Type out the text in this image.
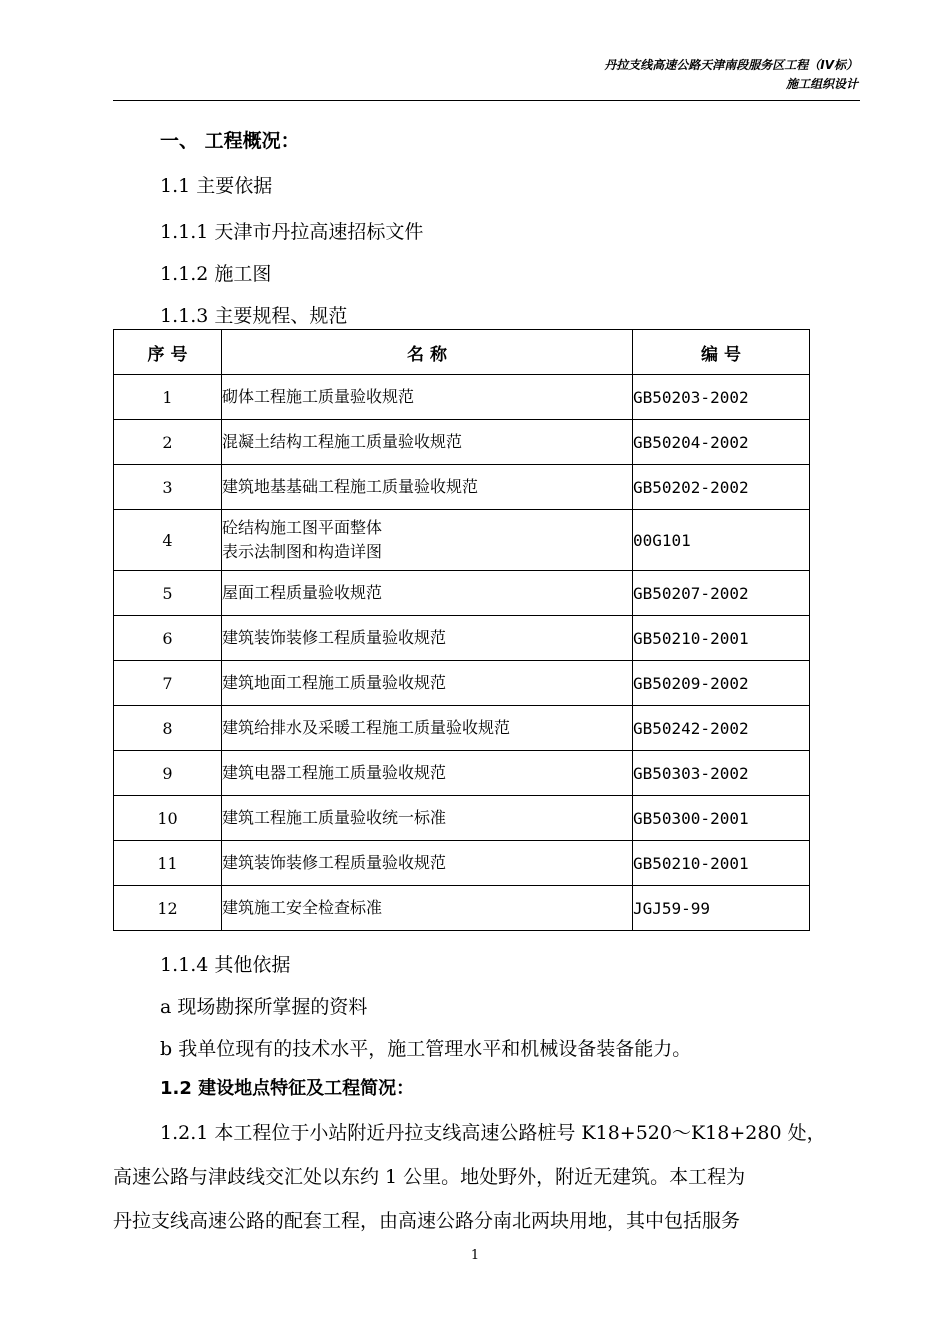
丹拉支线高速公路天津南段服务区工程（IV标）
施工组织设计
一、 工程概况：
1.1 主要依据
1.1.1 天津市丹拉高速招标文件
1.1.2 施工图
1.1.3 主要规程、规范
序 号	名 称	编 号
1	砌体工程施工质量验收规范	GB50203-2002
2	混凝土结构工程施工质量验收规范	GB50204-2002
3	建筑地基基础工程施工质量验收规范	GB50202-2002
4	砼结构施工图平面整体
表示法制图和构造详图	00G101
5	屋面工程质量验收规范	GB50207-2002
6	建筑装饰装修工程质量验收规范	GB50210-2001
7	建筑地面工程施工质量验收规范	GB50209-2002
8	建筑给排水及采暖工程施工质量验收规范	GB50242-2002
9	建筑电器工程施工质量验收规范	GB50303-2002
10	建筑工程施工质量验收统一标准	GB50300-2001
11	建筑装饰装修工程质量验收规范	GB50210-2001
12	建筑施工安全检查标准	JGJ59-99
1.1.4 其他依据
a 现场勘探所掌握的资料
b 我单位现有的技术水平，施工管理水平和机械设备装备能力。
1.2 建设地点特征及工程简况：
1.2.1 本工程位于小站附近丹拉支线高速公路桩号 K18+520～K18+280 处，
高速公路与津歧线交汇处以东约 1 公里。地处野外，附近无建筑。本工程为
丹拉支线高速公路的配套工程，由高速公路分南北两块用地，其中包括服务
1
